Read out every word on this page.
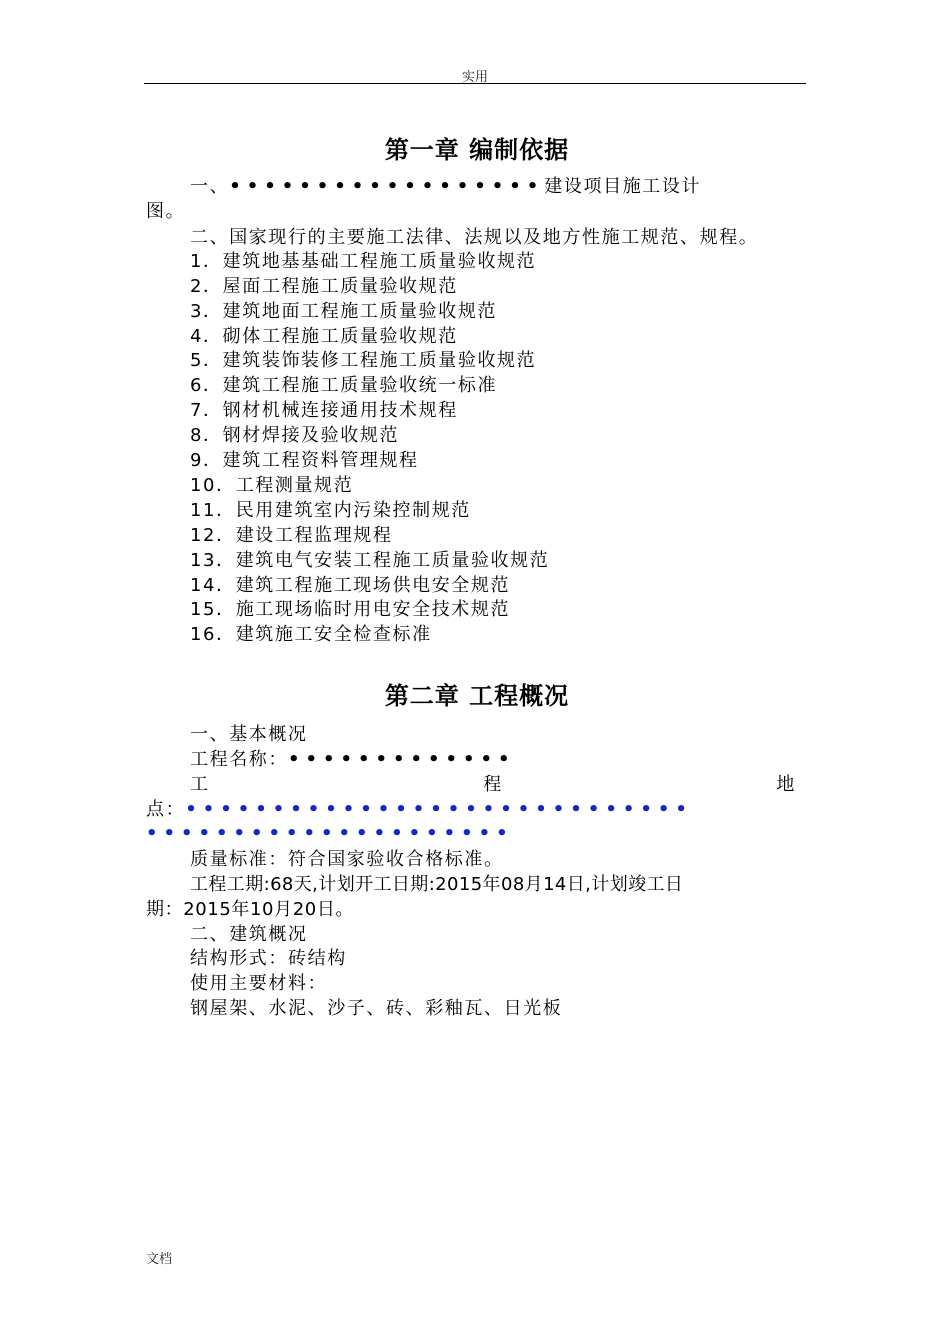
实用
第一章 编制依据
一、••••••••••••••••••建设项目施工设计
图。
二、国家现行的主要施工法律、法规以及地方性施工规范、规程。
1．建筑地基基础工程施工质量验收规范
2．屋面工程施工质量验收规范
3．建筑地面工程施工质量验收规范
4．砌体工程施工质量验收规范
5．建筑装饰装修工程施工质量验收规范
6．建筑工程施工质量验收统一标准
7．钢材机械连接通用技术规程
8．钢材焊接及验收规范
9．建筑工程资料管理规程
10．工程测量规范
11．民用建筑室内污染控制规范
12．建设工程监理规程
13．建筑电气安装工程施工质量验收规范
14．建筑工程施工现场供电安全规范
15．施工现场临时用电安全技术规范
16．建筑施工安全检查标准
第二章 工程概况
一、基本概况
工程名称：•••••••••••••
工	程	地
点：•••••••••••••••••••••••••••••
•••••••••••••••••••••
质量标准：符合国家验收合格标准。
工程工期:68天,计划开工日期:2015年08月14日,计划竣工日
期：2015年10月20日。
二、建筑概况
结构形式：砖结构
使用主要材料：
钢屋架、水泥、沙子、砖、彩釉瓦、日光板
文档
